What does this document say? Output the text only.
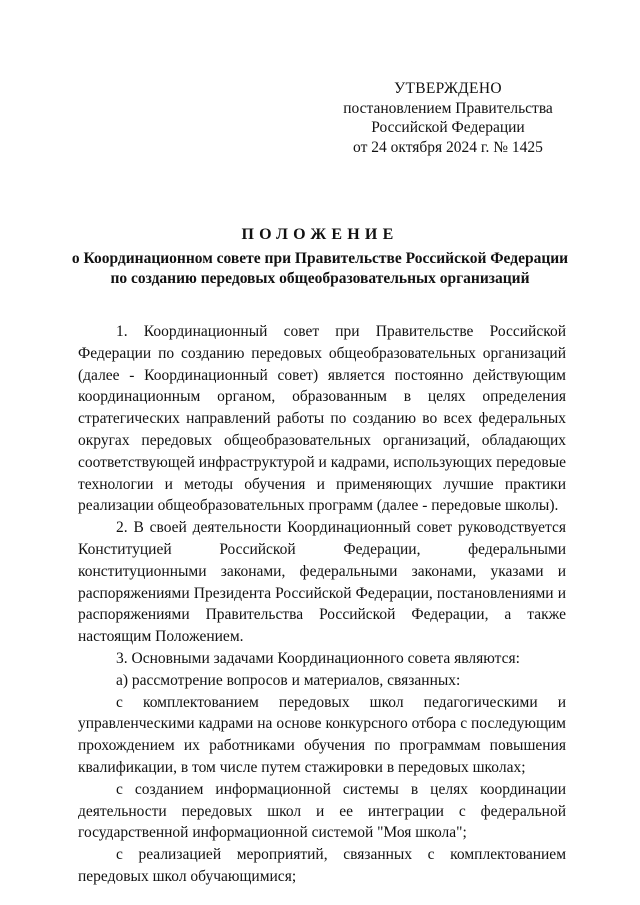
УТВЕРЖДЕНО
постановлением Правительства
Российской Федерации
от 24 октября 2024 г. № 1425
ПОЛОЖЕНИЕ
о Координационном совете при Правительстве Российской Федерации
по созданию передовых общеобразовательных организаций

1. Координационный совет при Правительстве Российской Федерации по созданию передовых общеобразовательных организаций (далее - Координационный совет) является постоянно действующим координационным органом, образованным в целях определения стратегических направлений работы по созданию во всех федеральных округах передовых общеобразовательных организаций, обладающих соответствующей инфраструктурой и кадрами, использующих передовые технологии и методы обучения и применяющих лучшие практики реализации общеобразовательных программ (далее - передовые школы).

2. В своей деятельности Координационный совет руководствуется Конституцией Российской Федерации, федеральными конституционными законами, федеральными законами, указами и распоряжениями Президента Российской Федерации, постановлениями и распоряжениями Правительства Российской Федерации, а также настоящим Положением.

3. Основными задачами Координационного совета являются:

а) рассмотрение вопросов и материалов, связанных:

с комплектованием передовых школ педагогическими и управленческими кадрами на основе конкурсного отбора с последующим прохождением их работниками обучения по программам повышения квалификации, в том числе путем стажировки в передовых школах;

с созданием информационной системы в целях координации деятельности передовых школ и ее интеграции с федеральной государственной информационной системой "Моя школа";

с реализацией мероприятий, связанных с комплектованием передовых школ обучающимися;
